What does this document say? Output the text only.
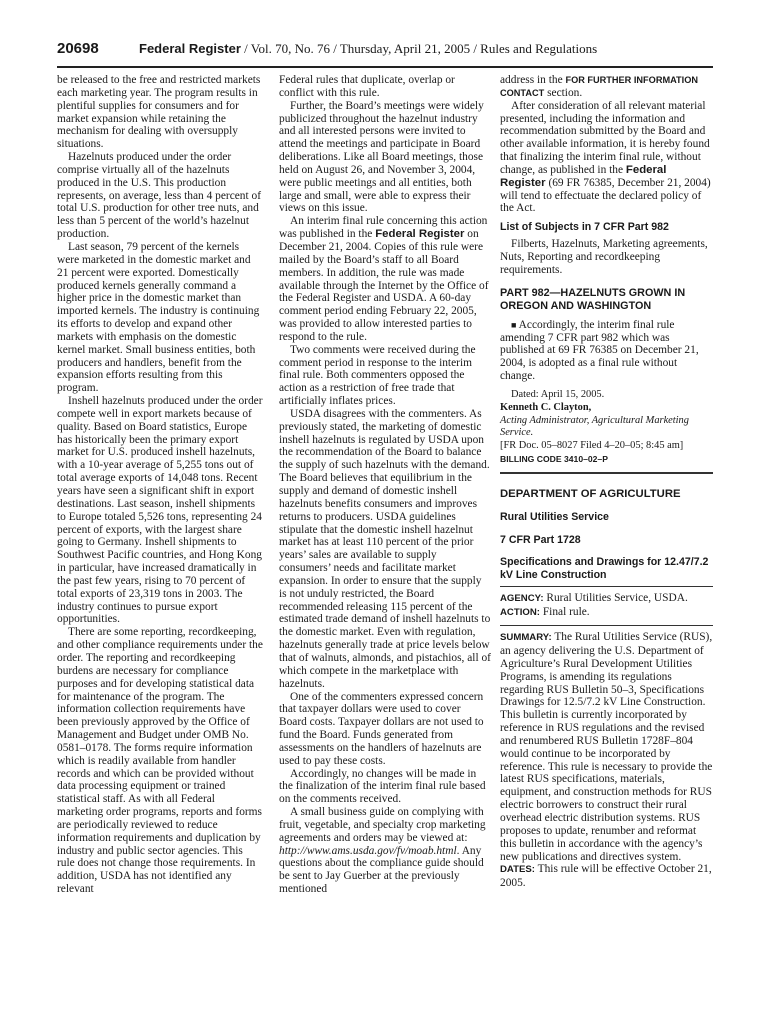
20698	Federal Register / Vol. 70, No. 76 / Thursday, April 21, 2005 / Rules and Regulations

be released to the free and restricted markets each marketing year. The program results in plentiful supplies for consumers and for market expansion while retaining the mechanism for dealing with oversupply situations.

Hazelnuts produced under the order comprise virtually all of the hazelnuts produced in the U.S. This production represents, on average, less than 4 percent of total U.S. production for other tree nuts, and less than 5 percent of the world’s hazelnut production.

Last season, 79 percent of the kernels were marketed in the domestic market and 21 percent were exported. Domestically produced kernels generally command a higher price in the domestic market than imported kernels. The industry is continuing its efforts to develop and expand other markets with emphasis on the domestic kernel market. Small business entities, both producers and handlers, benefit from the expansion efforts resulting from this program.

Inshell hazelnuts produced under the order compete well in export markets because of quality. Based on Board statistics, Europe has historically been the primary export market for U.S. produced inshell hazelnuts, with a 10-year average of 5,255 tons out of total average exports of 14,048 tons. Recent years have seen a significant shift in export destinations. Last season, inshell shipments to Europe totaled 5,526 tons, representing 24 percent of exports, with the largest share going to Germany. Inshell shipments to Southwest Pacific countries, and Hong Kong in particular, have increased dramatically in the past few years, rising to 70 percent of total exports of 23,319 tons in 2003. The industry continues to pursue export opportunities.

There are some reporting, recordkeeping, and other compliance requirements under the order. The reporting and recordkeeping burdens are necessary for compliance purposes and for developing statistical data for maintenance of the program. The information collection requirements have been previously approved by the Office of Management and Budget under OMB No. 0581–0178. The forms require information which is readily available from handler records and which can be provided without data processing equipment or trained statistical staff. As with all Federal marketing order programs, reports and forms are periodically reviewed to reduce information requirements and duplication by industry and public sector agencies. This rule does not change those requirements. In addition, USDA has not identified any relevant

Federal rules that duplicate, overlap or conflict with this rule.

Further, the Board’s meetings were widely publicized throughout the hazelnut industry and all interested persons were invited to attend the meetings and participate in Board deliberations. Like all Board meetings, those held on August 26, and November 3, 2004, were public meetings and all entities, both large and small, were able to express their views on this issue.

An interim final rule concerning this action was published in the Federal Register on December 21, 2004. Copies of this rule were mailed by the Board’s staff to all Board members. In addition, the rule was made available through the Internet by the Office of the Federal Register and USDA. A 60-day comment period ending February 22, 2005, was provided to allow interested parties to respond to the rule.

Two comments were received during the comment period in response to the interim final rule. Both commenters opposed the action as a restriction of free trade that artificially inflates prices.

USDA disagrees with the commenters. As previously stated, the marketing of domestic inshell hazelnuts is regulated by USDA upon the recommendation of the Board to balance the supply of such hazelnuts with the demand. The Board believes that equilibrium in the supply and demand of domestic inshell hazelnuts benefits consumers and improves returns to producers. USDA guidelines stipulate that the domestic inshell hazelnut market has at least 110 percent of the prior years’ sales are available to supply consumers’ needs and facilitate market expansion. In order to ensure that the supply is not unduly restricted, the Board recommended releasing 115 percent of the estimated trade demand of inshell hazelnuts to the domestic market. Even with regulation, hazelnuts generally trade at price levels below that of walnuts, almonds, and pistachios, all of which compete in the marketplace with hazelnuts.

One of the commenters expressed concern that taxpayer dollars were used to cover Board costs. Taxpayer dollars are not used to fund the Board. Funds generated from assessments on the handlers of hazelnuts are used to pay these costs.

Accordingly, no changes will be made in the finalization of the interim final rule based on the comments received.

A small business guide on complying with fruit, vegetable, and specialty crop marketing agreements and orders may be viewed at: http://www.ams.usda.gov/fv/moab.html. Any questions about the compliance guide should be sent to Jay Guerber at the previously mentioned

address in the FOR FURTHER INFORMATION CONTACT section.

After consideration of all relevant material presented, including the information and recommendation submitted by the Board and other available information, it is hereby found that finalizing the interim final rule, without change, as published in the Federal Register (69 FR 76385, December 21, 2004) will tend to effectuate the declared policy of the Act.

List of Subjects in 7 CFR Part 982

Filberts, Hazelnuts, Marketing agreements, Nuts, Reporting and recordkeeping requirements.

PART 982—HAZELNUTS GROWN IN OREGON AND WASHINGTON

■ Accordingly, the interim final rule amending 7 CFR part 982 which was published at 69 FR 76385 on December 21, 2004, is adopted as a final rule without change.

Dated: April 15, 2005.

Kenneth C. Clayton,

Acting Administrator, Agricultural Marketing Service.

[FR Doc. 05–8027 Filed 4–20–05; 8:45 am]

BILLING CODE 3410–02–P

DEPARTMENT OF AGRICULTURE

Rural Utilities Service

7 CFR Part 1728

Specifications and Drawings for 12.47/7.2 kV Line Construction

AGENCY: Rural Utilities Service, USDA.

ACTION: Final rule.

SUMMARY: The Rural Utilities Service (RUS), an agency delivering the U.S. Department of Agriculture’s Rural Development Utilities Programs, is amending its regulations regarding RUS Bulletin 50–3, Specifications Drawings for 12.5/7.2 kV Line Construction. This bulletin is currently incorporated by reference in RUS regulations and the revised and renumbered RUS Bulletin 1728F–804 would continue to be incorporated by reference. This rule is necessary to provide the latest RUS specifications, materials, equipment, and construction methods for RUS electric borrowers to construct their rural overhead electric distribution systems. RUS proposes to update, renumber and reformat this bulletin in accordance with the agency’s new publications and directives system.

DATES: This rule will be effective October 21, 2005.
